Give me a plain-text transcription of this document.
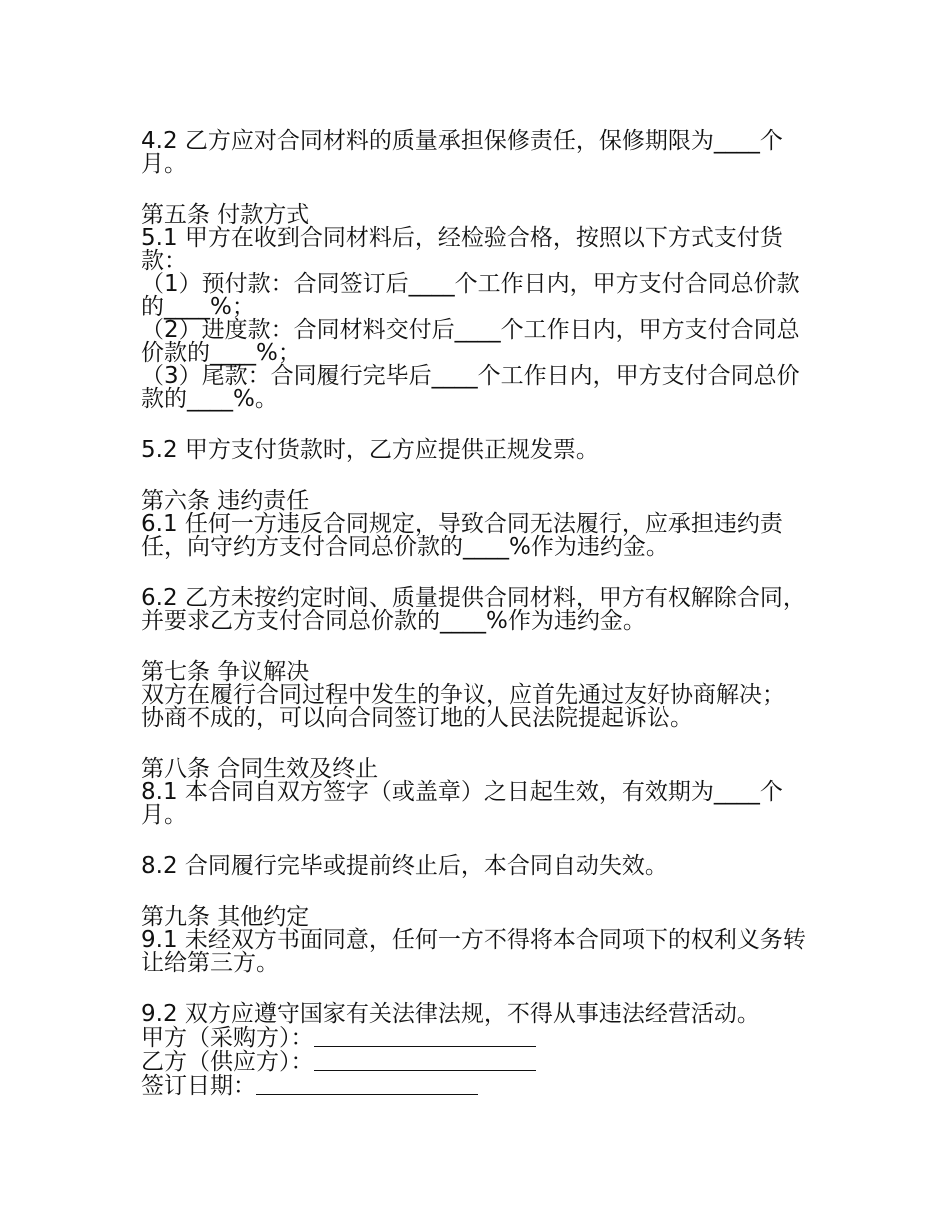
4.2 乙方应对合同材料的质量承担保修责任，保修期限为____个月。

第五条 付款方式

5.1 甲方在收到合同材料后，经检验合格，按照以下方式支付货款：

（1）预付款：合同签订后____个工作日内，甲方支付合同总价款的____%；

（2）进度款：合同材料交付后____个工作日内，甲方支付合同总价款的____%；

（3）尾款：合同履行完毕后____个工作日内，甲方支付合同总价款的____%。

5.2 甲方支付货款时，乙方应提供正规发票。

第六条 违约责任

6.1 任何一方违反合同规定，导致合同无法履行，应承担违约责任，向守约方支付合同总价款的____%作为违约金。

6.2 乙方未按约定时间、质量提供合同材料，甲方有权解除合同，并要求乙方支付合同总价款的____%作为违约金。

第七条 争议解决

双方在履行合同过程中发生的争议，应首先通过友好协商解决；协商不成的，可以向合同签订地的人民法院提起诉讼。

第八条 合同生效及终止

8.1 本合同自双方签字（或盖章）之日起生效，有效期为____个月。

8.2 合同履行完毕或提前终止后，本合同自动失效。

第九条 其他约定

9.1 未经双方书面同意，任何一方不得将本合同项下的权利义务转让给第三方。

9.2 双方应遵守国家有关法律法规，不得从事违法经营活动。

甲方（采购方）：
乙方（供应方）：
签订日期：
